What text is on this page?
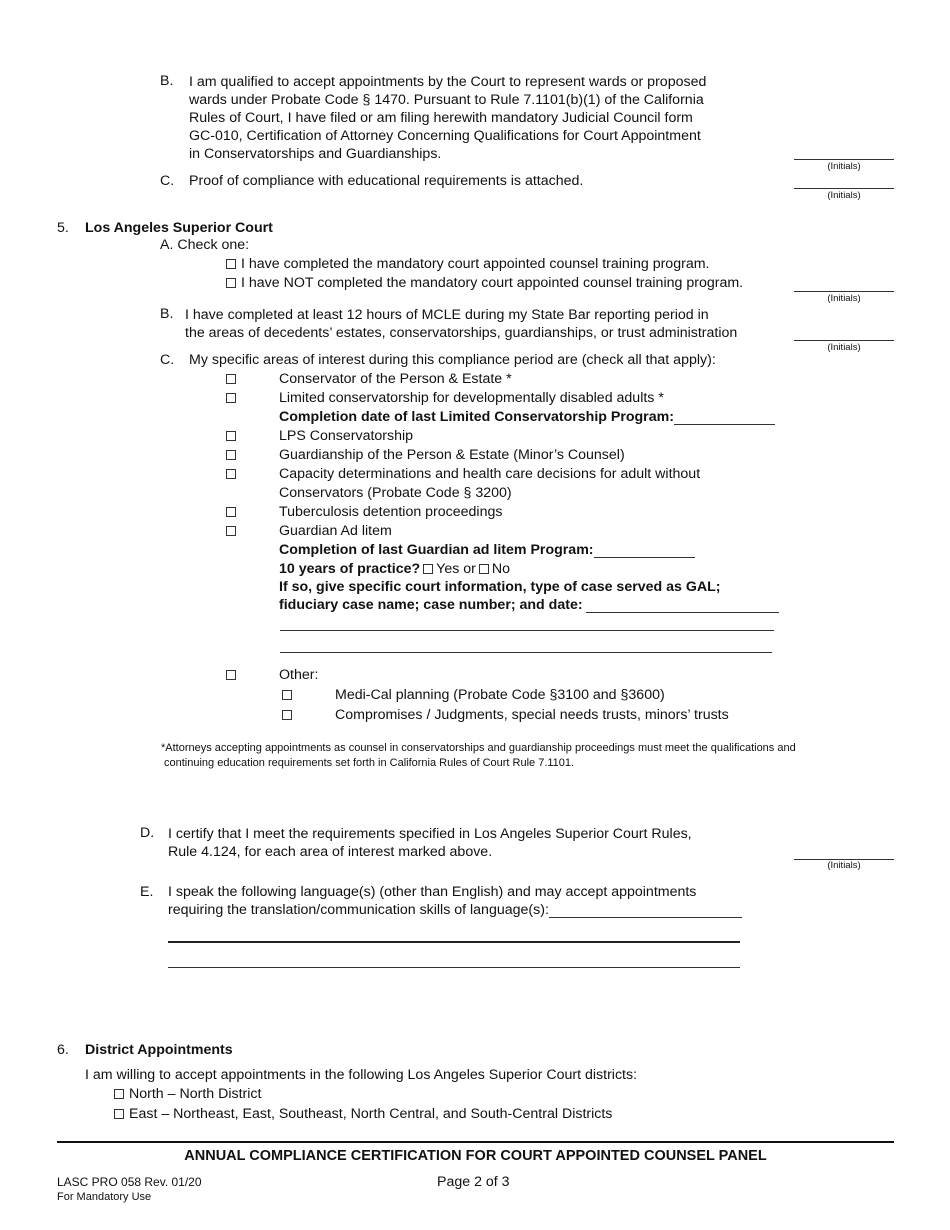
B. I am qualified to accept appointments by the Court to represent wards or proposed
wards under Probate Code § 1470. Pursuant to Rule 7.1101(b)(1) of the California
Rules of Court, I have filed or am filing herewith mandatory Judicial Council form
GC-010, Certification of Attorney Concerning Qualifications for Court Appointment
in Conservatorships and Guardianships.
(Initials)
C. Proof of compliance with educational requirements is attached.
(Initials)
5. Los Angeles Superior Court
A. Check one:
I have completed the mandatory court appointed counsel training program.
I have NOT completed the mandatory court appointed counsel training program.
(Initials)
B. I have completed at least 12 hours of MCLE during my State Bar reporting period in
the areas of decedents’ estates, conservatorships, guardianships, or trust administration
(Initials)
C. My specific areas of interest during this compliance period are (check all that apply):
Conservator of the Person & Estate *
Limited conservatorship for developmentally disabled adults *
Completion date of last Limited Conservatorship Program:
LPS Conservatorship
Guardianship of the Person & Estate (Minor’s Counsel)
Capacity determinations and health care decisions for adult without
Conservators (Probate Code § 3200)
Tuberculosis detention proceedings
Guardian Ad litem
Completion of last Guardian ad litem Program:
10 years of practice? Yes or No
If so, give specific court information, type of case served as GAL;
fiduciary case name; case number; and date:
Other:
Medi-Cal planning (Probate Code §3100 and §3600)
Compromises / Judgments, special needs trusts, minors’ trusts
*Attorneys accepting appointments as counsel in conservatorships and guardianship proceedings must meet the qualifications and
continuing education requirements set forth in California Rules of Court Rule 7.1101.
D. I certify that I meet the requirements specified in Los Angeles Superior Court Rules,
Rule 4.124, for each area of interest marked above.
(Initials)
E. I speak the following language(s) (other than English) and may accept appointments
requiring the translation/communication skills of language(s):
6. District Appointments
I am willing to accept appointments in the following Los Angeles Superior Court districts:
North – North District
East – Northeast, East, Southeast, North Central, and South-Central Districts
ANNUAL COMPLIANCE CERTIFICATION FOR COURT APPOINTED COUNSEL PANEL
LASC PRO 058 Rev. 01/20
For Mandatory Use
Page 2 of 3
